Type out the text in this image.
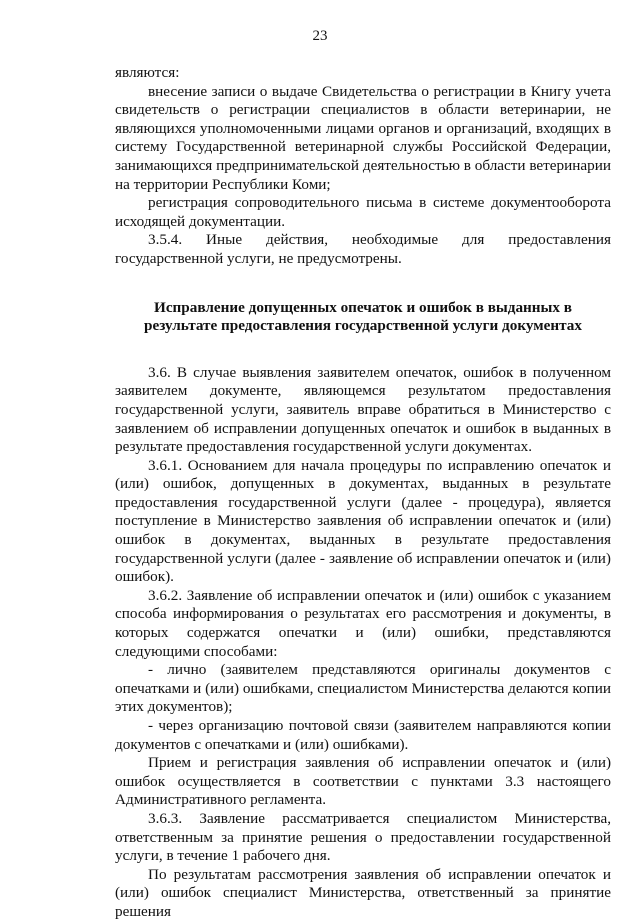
23

являются:

внесение записи о выдаче Свидетельства о регистрации в Книгу учета свидетельств о регистрации специалистов в области ветеринарии, не являющихся уполномоченными лицами органов и организаций, входящих в систему Государственной ветеринарной службы Российской Федерации, занимающихся предпринимательской деятельностью в области ветеринарии на территории Республики Коми;

регистрация сопроводительного письма в системе документооборота исходящей документации.

3.5.4. Иные действия, необходимые для предоставления государственной услуги, не предусмотрены.

Исправление допущенных опечаток и ошибок в выданных в результате предоставления государственной услуги документах

3.6. В случае выявления заявителем опечаток, ошибок в полученном заявителем документе, являющемся результатом предоставления государственной услуги, заявитель вправе обратиться в Министерство с заявлением об исправлении допущенных опечаток и ошибок в выданных в результате предоставления государственной услуги документах.

3.6.1. Основанием для начала процедуры по исправлению опечаток и (или) ошибок, допущенных в документах, выданных в результате предоставления государственной услуги (далее - процедура), является поступление в Министерство заявления об исправлении опечаток и (или) ошибок в документах, выданных в результате предоставления государственной услуги (далее - заявление об исправлении опечаток и (или) ошибок).

3.6.2. Заявление об исправлении опечаток и (или) ошибок с указанием способа информирования о результатах его рассмотрения и документы, в которых содержатся опечатки и (или) ошибки, представляются следующими способами:

- лично (заявителем представляются оригиналы документов с опечатками и (или) ошибками, специалистом Министерства делаются копии этих документов);

- через организацию почтовой связи (заявителем направляются копии документов с опечатками и (или) ошибками).

Прием и регистрация заявления об исправлении опечаток и (или) ошибок осуществляется в соответствии с пунктами 3.3 настоящего Административного регламента.

3.6.3. Заявление рассматривается специалистом Министерства, ответственным за принятие решения о предоставлении государственной услуги, в течение 1 рабочего дня.

По результатам рассмотрения заявления об исправлении опечаток и (или) ошибок специалист Министерства, ответственный за принятие решения
